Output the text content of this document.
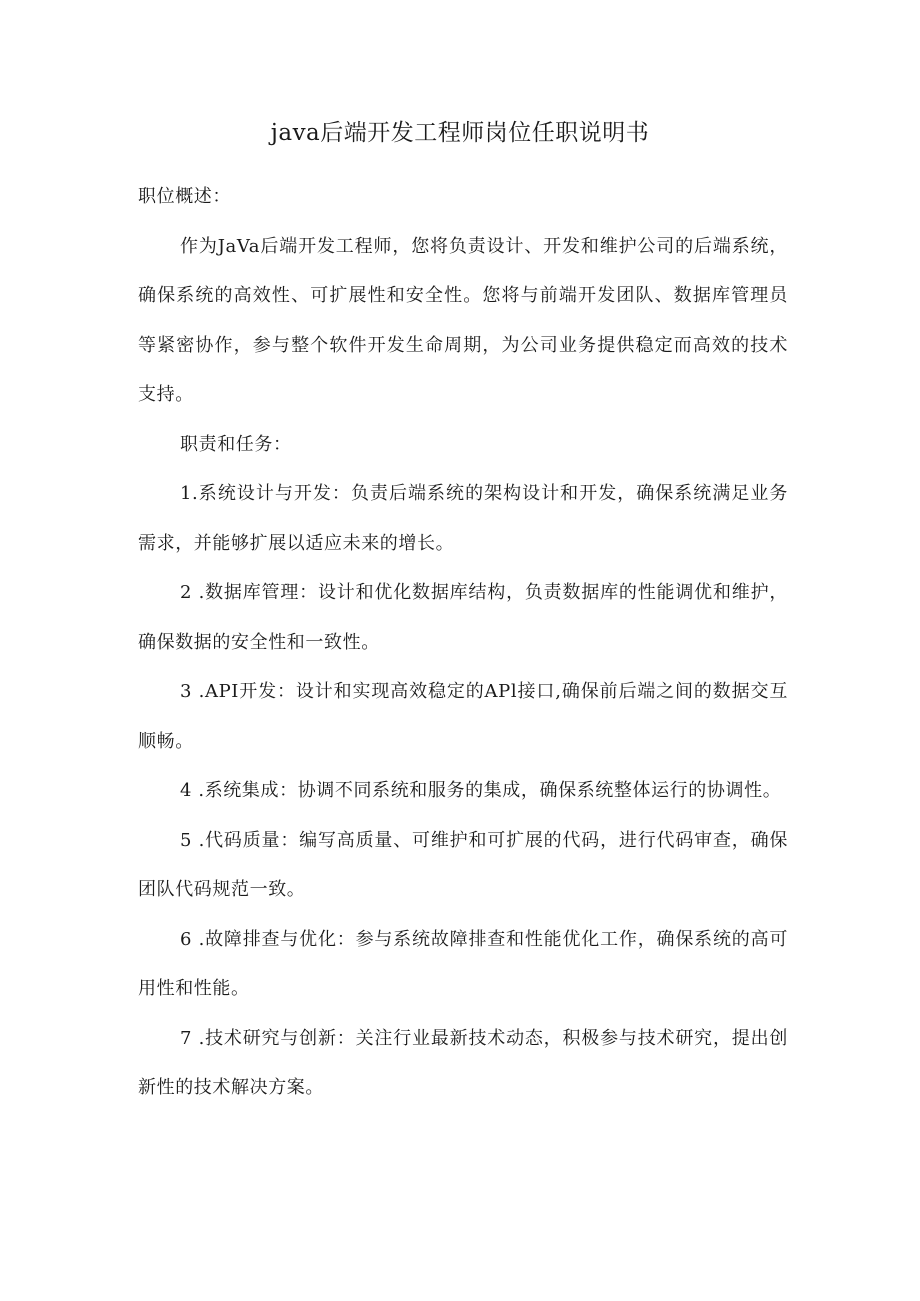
java后端开发工程师岗位任职说明书

职位概述：

作为JaVa后端开发工程师，您将负责设计、开发和维护公司的后端系统，确保系统的高效性、可扩展性和安全性。您将与前端开发团队、数据库管理员等紧密协作，参与整个软件开发生命周期，为公司业务提供稳定而高效的技术支持。

职责和任务：

1.系统设计与开发：负责后端系统的架构设计和开发，确保系统满足业务需求，并能够扩展以适应未来的增长。

2 .数据库管理：设计和优化数据库结构，负责数据库的性能调优和维护，确保数据的安全性和一致性。

3 .API开发：设计和实现高效稳定的APl接口,确保前后端之间的数据交互顺畅。

4 .系统集成：协调不同系统和服务的集成，确保系统整体运行的协调性。

5 .代码质量：编写高质量、可维护和可扩展的代码，进行代码审查，确保团队代码规范一致。

6 .故障排查与优化：参与系统故障排查和性能优化工作，确保系统的高可用性和性能。

7 .技术研究与创新：关注行业最新技术动态，积极参与技术研究，提出创新性的技术解决方案。
